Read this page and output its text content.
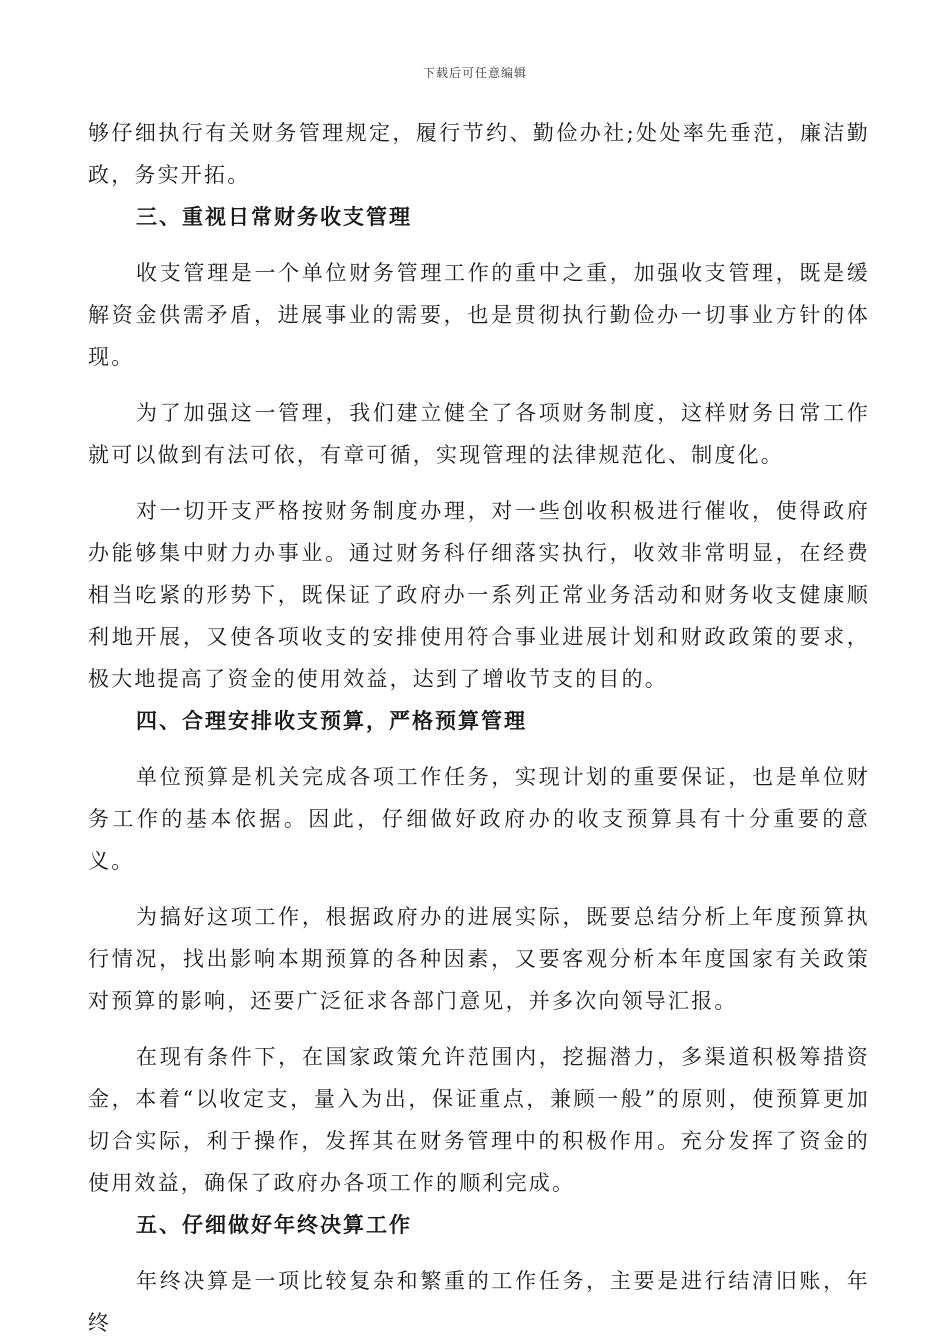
下载后可任意编辑

够仔细执行有关财务管理规定，履行节约、勤俭办社;处处率先垂范，廉洁勤政，务实开拓。

三、重视日常财务收支管理

收支管理是一个单位财务管理工作的重中之重，加强收支管理，既是缓解资金供需矛盾，进展事业的需要，也是贯彻执行勤俭办一切事业方针的体现。

为了加强这一管理，我们建立健全了各项财务制度，这样财务日常工作就可以做到有法可依，有章可循，实现管理的法律规范化、制度化。

对一切开支严格按财务制度办理，对一些创收积极进行催收，使得政府办能够集中财力办事业。通过财务科仔细落实执行，收效非常明显，在经费相当吃紧的形势下，既保证了政府办一系列正常业务活动和财务收支健康顺利地开展，又使各项收支的安排使用符合事业进展计划和财政政策的要求，极大地提高了资金的使用效益，达到了增收节支的目的。

四、合理安排收支预算，严格预算管理

单位预算是机关完成各项工作任务，实现计划的重要保证，也是单位财务工作的基本依据。因此，仔细做好政府办的收支预算具有十分重要的意义。

为搞好这项工作，根据政府办的进展实际，既要总结分析上年度预算执行情况，找出影响本期预算的各种因素，又要客观分析本年度国家有关政策对预算的影响，还要广泛征求各部门意见，并多次向领导汇报。

在现有条件下，在国家政策允许范围内，挖掘潜力，多渠道积极筹措资金，本着“以收定支，量入为出，保证重点，兼顾一般”的原则，使预算更加切合实际，利于操作，发挥其在财务管理中的积极作用。充分发挥了资金的使用效益，确保了政府办各项工作的顺利完成。

五、仔细做好年终决算工作

年终决算是一项比较复杂和繁重的工作任务，主要是进行结清旧账，年终
